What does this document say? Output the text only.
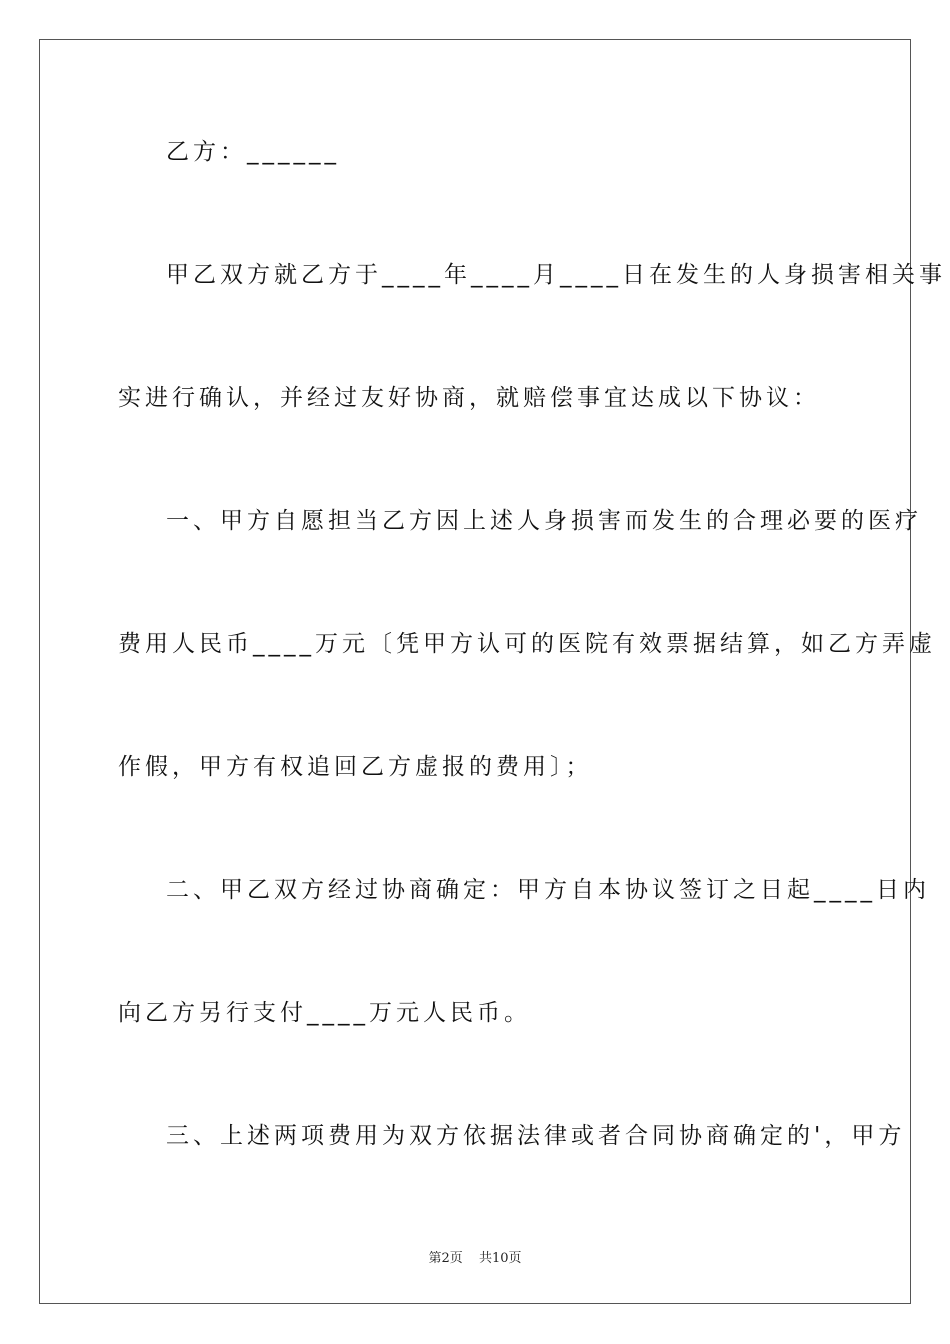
乙方：______
甲乙双方就乙方于____年____月____日在发生的人身损害相关事
实进行确认，并经过友好协商，就赔偿事宜达成以下协议：
一、甲方自愿担当乙方因上述人身损害而发生的合理必要的医疗
费用人民币____万元〔凭甲方认可的医院有效票据结算，如乙方弄虚
作假，甲方有权追回乙方虚报的费用〕；
二、甲乙双方经过协商确定：甲方自本协议签订之日起____日内
向乙方另行支付____万元人民币。
三、上述两项费用为双方依据法律或者合同协商确定的'，甲方
第2页 共10页
